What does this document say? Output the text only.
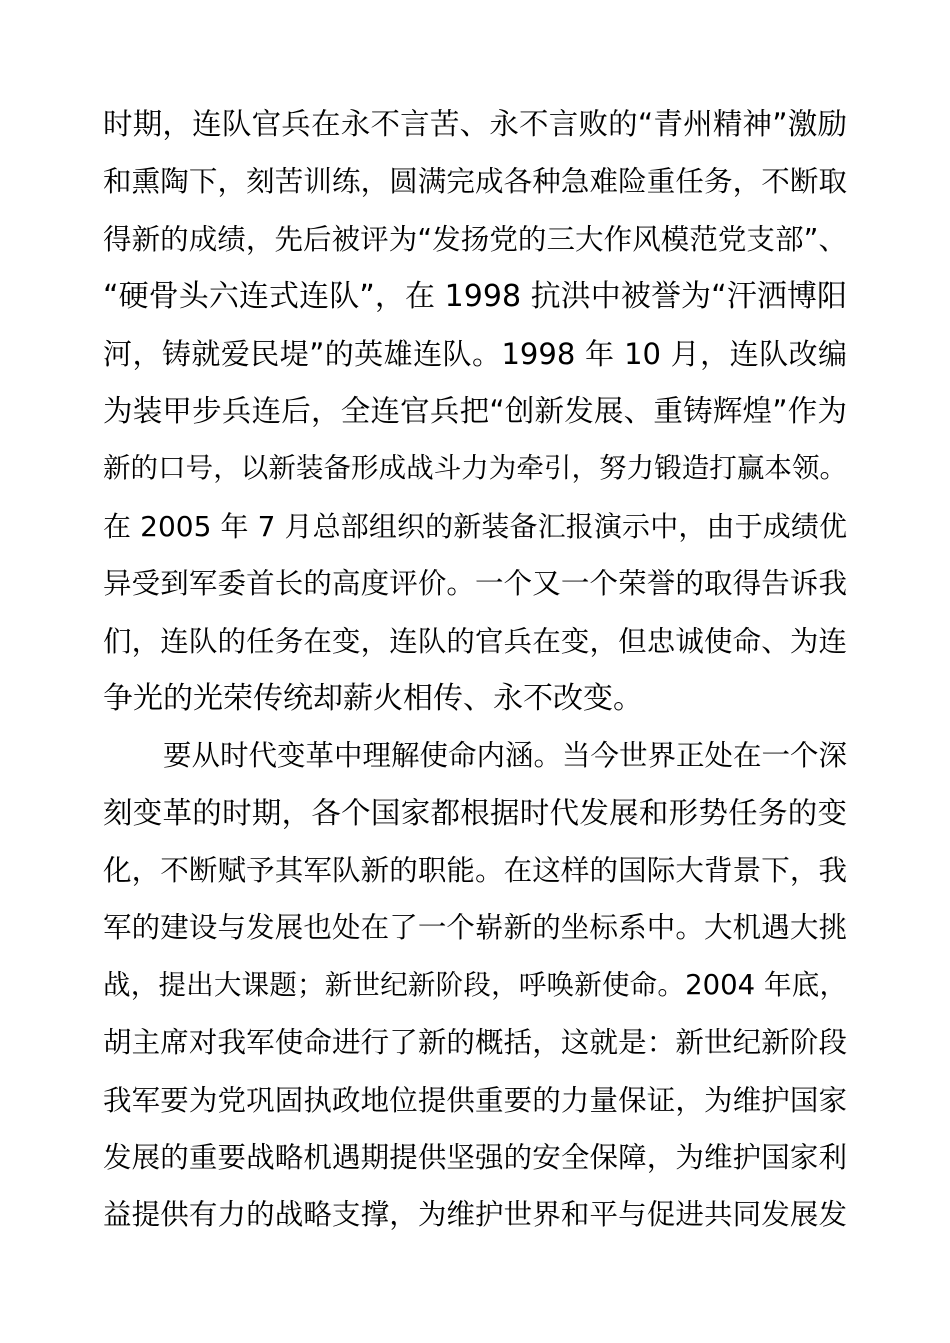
时期，连队官兵在永不言苦、永不言败的“青州精神”激励
和熏陶下，刻苦训练，圆满完成各种急难险重任务，不断取
得新的成绩，先后被评为“发扬党的三大作风模范党支部”、
“硬骨头六连式连队”，在 1998 抗洪中被誉为“汗洒博阳
河，铸就爱民堤”的英雄连队。1998 年 10 月，连队改编
为装甲步兵连后，全连官兵把“创新发展、重铸辉煌”作为
新的口号，以新装备形成战斗力为牵引，努力锻造打赢本领。
在 2005 年 7 月总部组织的新装备汇报演示中，由于成绩优
异受到军委首长的高度评价。一个又一个荣誉的取得告诉我
们，连队的任务在变，连队的官兵在变，但忠诚使命、为连
争光的光荣传统却薪火相传、永不改变。
要从时代变革中理解使命内涵。当今世界正处在一个深
刻变革的时期，各个国家都根据时代发展和形势任务的变
化，不断赋予其军队新的职能。在这样的国际大背景下，我
军的建设与发展也处在了一个崭新的坐标系中。大机遇大挑
战，提出大课题；新世纪新阶段，呼唤新使命。2004 年底，
胡主席对我军使命进行了新的概括，这就是：新世纪新阶段
我军要为党巩固执政地位提供重要的力量保证，为维护国家
发展的重要战略机遇期提供坚强的安全保障，为维护国家利
益提供有力的战略支撑，为维护世界和平与促进共同发展发
